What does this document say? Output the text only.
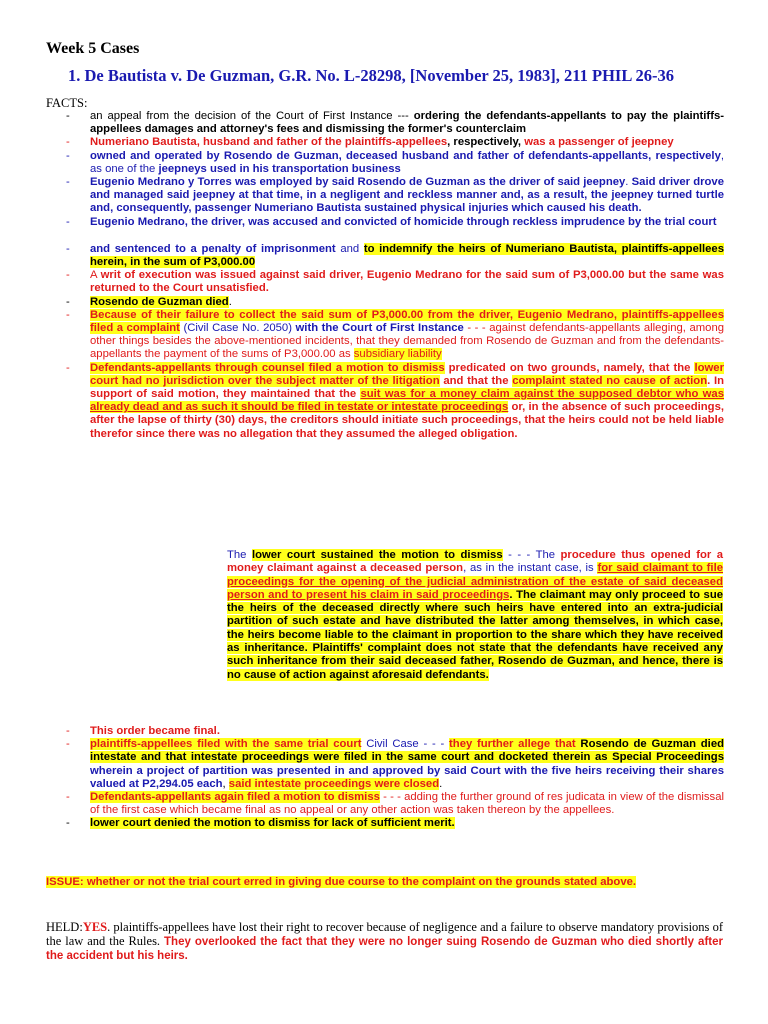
Week 5 Cases
1. De Bautista v. De Guzman, G.R. No. L-28298, [November 25, 1983], 211 PHIL 26-36
FACTS:
- an appeal from the decision of the Court of First Instance --- ordering the defendants-appellants to pay the plaintiffs-appellees damages and attorney's fees and dismissing the former's counterclaim
- Numeriano Bautista, husband and father of the plaintiffs-appellees, respectively, was a passenger of jeepney
- owned and operated by Rosendo de Guzman, deceased husband and father of defendants-appellants, respectively, as one of the jeepneys used in his transportation business
- Eugenio Medrano y Torres was employed by said Rosendo de Guzman as the driver of said jeepney. Said driver drove and managed said jeepney at that time, in a negligent and reckless manner and, as a result, the jeepney turned turtle and, consequently, passenger Numeriano Bautista sustained physical injuries which caused his death.
- Eugenio Medrano, the driver, was accused and convicted of homicide through reckless imprudence by the trial court
- and sentenced to a penalty of imprisonment and to indemnify the heirs of Numeriano Bautista, plaintiffs-appellees herein, in the sum of P3,000.00
- A writ of execution was issued against said driver, Eugenio Medrano for the said sum of P3,000.00 but the same was returned to the Court unsatisfied.
- Rosendo de Guzman died.
- Because of their failure to collect the said sum of P3,000.00 from the driver, Eugenio Medrano, plaintiffs-appellees filed a complaint (Civil Case No. 2050) with the Court of First Instance - - - against defendants-appellants alleging, among other things besides the above-mentioned incidents, that they demanded from Rosendo de Guzman and from the defendants-appellants the payment of the sums of P3,000.00 as subsidiary liability
- Defendants-appellants through counsel filed a motion to dismiss predicated on two grounds, namely, that the lower court had no jurisdiction over the subject matter of the litigation and that the complaint stated no cause of action. In support of said motion, they maintained that the suit was for a money claim against the supposed debtor who was already dead and as such it should be filed in testate or intestate proceedings or, in the absence of such proceedings, after the lapse of thirty (30) days, the creditors should initiate such proceedings, that the heirs could not be held liable therefor since there was no allegation that they assumed the alleged obligation.
The lower court sustained the motion to dismiss - - - The procedure thus opened for a money claimant against a deceased person, as in the instant case, is for said claimant to file proceedings for the opening of the judicial administration of the estate of said deceased person and to present his claim in said proceedings. The claimant may only proceed to sue the heirs of the deceased directly where such heirs have entered into an extra-judicial partition of such estate and have distributed the latter among themselves, in which case, the heirs become liable to the claimant in proportion to the share which they have received as inheritance. Plaintiffs' complaint does not state that the defendants have received any such inheritance from their said deceased father, Rosendo de Guzman, and hence, there is no cause of action against aforesaid defendants.
- This order became final.
- plaintiffs-appellees filed with the same trial court Civil Case - - - they further allege that Rosendo de Guzman died intestate and that intestate proceedings were filed in the same court and docketed therein as Special Proceedings wherein a project of partition was presented in and approved by said Court with the five heirs receiving their shares valued at P2,294.05 each, said intestate proceedings were closed.
- Defendants-appellants again filed a motion to dismiss - - - adding the further ground of res judicata in view of the dismissal of the first case which became final as no appeal or any other action was taken thereon by the appellees.
- lower court denied the motion to dismiss for lack of sufficient merit.
ISSUE: whether or not the trial court erred in giving due course to the complaint on the grounds stated above.
HELD:YES. plaintiffs-appellees have lost their right to recover because of negligence and a failure to observe mandatory provisions of the law and the Rules. They overlooked the fact that they were no longer suing Rosendo de Guzman who died shortly after the accident but his heirs.
